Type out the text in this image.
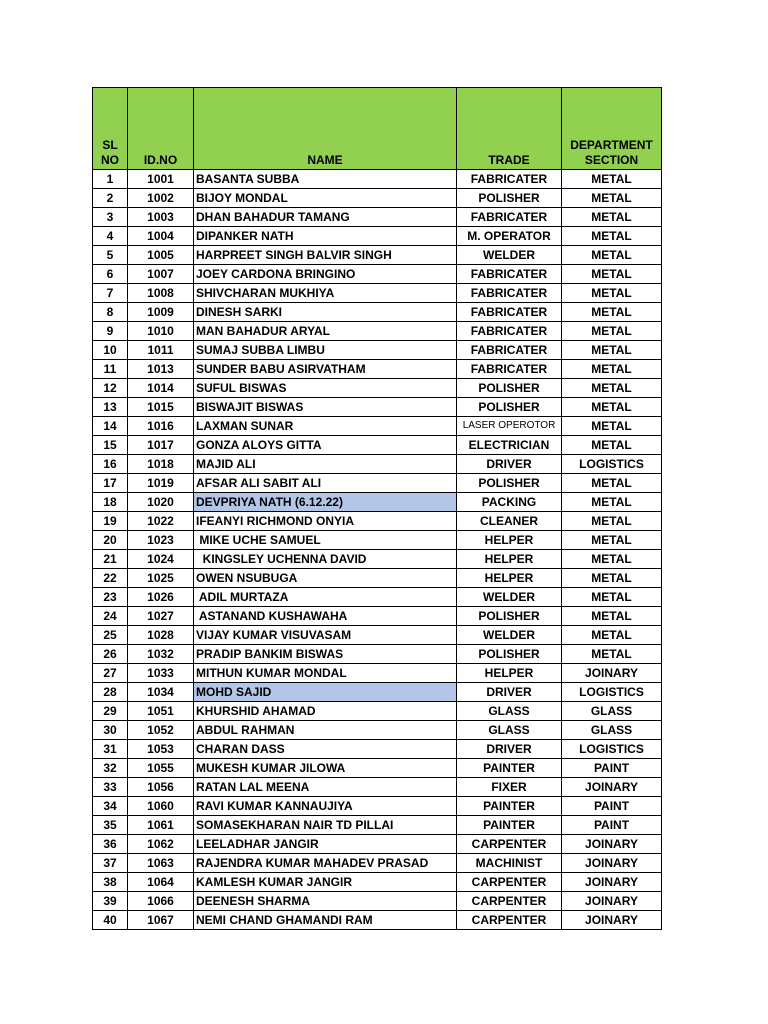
SL NO	ID.NO	NAME	TRADE	DEPARTMENT SECTION
1	1001	BASANTA SUBBA	FABRICATER	METAL
2	1002	BIJOY MONDAL	POLISHER	METAL
3	1003	DHAN BAHADUR TAMANG	FABRICATER	METAL
4	1004	DIPANKER NATH	M. OPERATOR	METAL
5	1005	HARPREET SINGH BALVIR SINGH	WELDER	METAL
6	1007	JOEY CARDONA BRINGINO	FABRICATER	METAL
7	1008	SHIVCHARAN MUKHIYA	FABRICATER	METAL
8	1009	DINESH SARKI	FABRICATER	METAL
9	1010	MAN BAHADUR ARYAL	FABRICATER	METAL
10	1011	SUMAJ SUBBA LIMBU	FABRICATER	METAL
11	1013	SUNDER BABU ASIRVATHAM	FABRICATER	METAL
12	1014	SUFUL BISWAS	POLISHER	METAL
13	1015	BISWAJIT BISWAS	POLISHER	METAL
14	1016	LAXMAN SUNAR	LASER OPEROTOR	METAL
15	1017	GONZA ALOYS GITTA	ELECTRICIAN	METAL
16	1018	MAJID ALI	DRIVER	LOGISTICS
17	1019	AFSAR ALI SABIT ALI	POLISHER	METAL
18	1020	DEVPRIYA NATH (6.12.22)	PACKING	METAL
19	1022	IFEANYI RICHMOND ONYIA	CLEANER	METAL
20	1023	MIKE UCHE SAMUEL	HELPER	METAL
21	1024	KINGSLEY UCHENNA DAVID	HELPER	METAL
22	1025	OWEN NSUBUGA	HELPER	METAL
23	1026	ADIL MURTAZA	WELDER	METAL
24	1027	ASTANAND KUSHAWAHA	POLISHER	METAL
25	1028	VIJAY KUMAR VISUVASAM	WELDER	METAL
26	1032	PRADIP BANKIM BISWAS	POLISHER	METAL
27	1033	MITHUN KUMAR MONDAL	HELPER	JOINARY
28	1034	MOHD SAJID	DRIVER	LOGISTICS
29	1051	KHURSHID AHAMAD	GLASS	GLASS
30	1052	ABDUL RAHMAN	GLASS	GLASS
31	1053	CHARAN DASS	DRIVER	LOGISTICS
32	1055	MUKESH KUMAR JILOWA	PAINTER	PAINT
33	1056	RATAN LAL MEENA	FIXER	JOINARY
34	1060	RAVI KUMAR KANNAUJIYA	PAINTER	PAINT
35	1061	SOMASEKHARAN NAIR TD PILLAI	PAINTER	PAINT
36	1062	LEELADHAR JANGIR	CARPENTER	JOINARY
37	1063	RAJENDRA KUMAR MAHADEV PRASAD	MACHINIST	JOINARY
38	1064	KAMLESH KUMAR JANGIR	CARPENTER	JOINARY
39	1066	DEENESH SHARMA	CARPENTER	JOINARY
40	1067	NEMI CHAND GHAMANDI RAM	CARPENTER	JOINARY
